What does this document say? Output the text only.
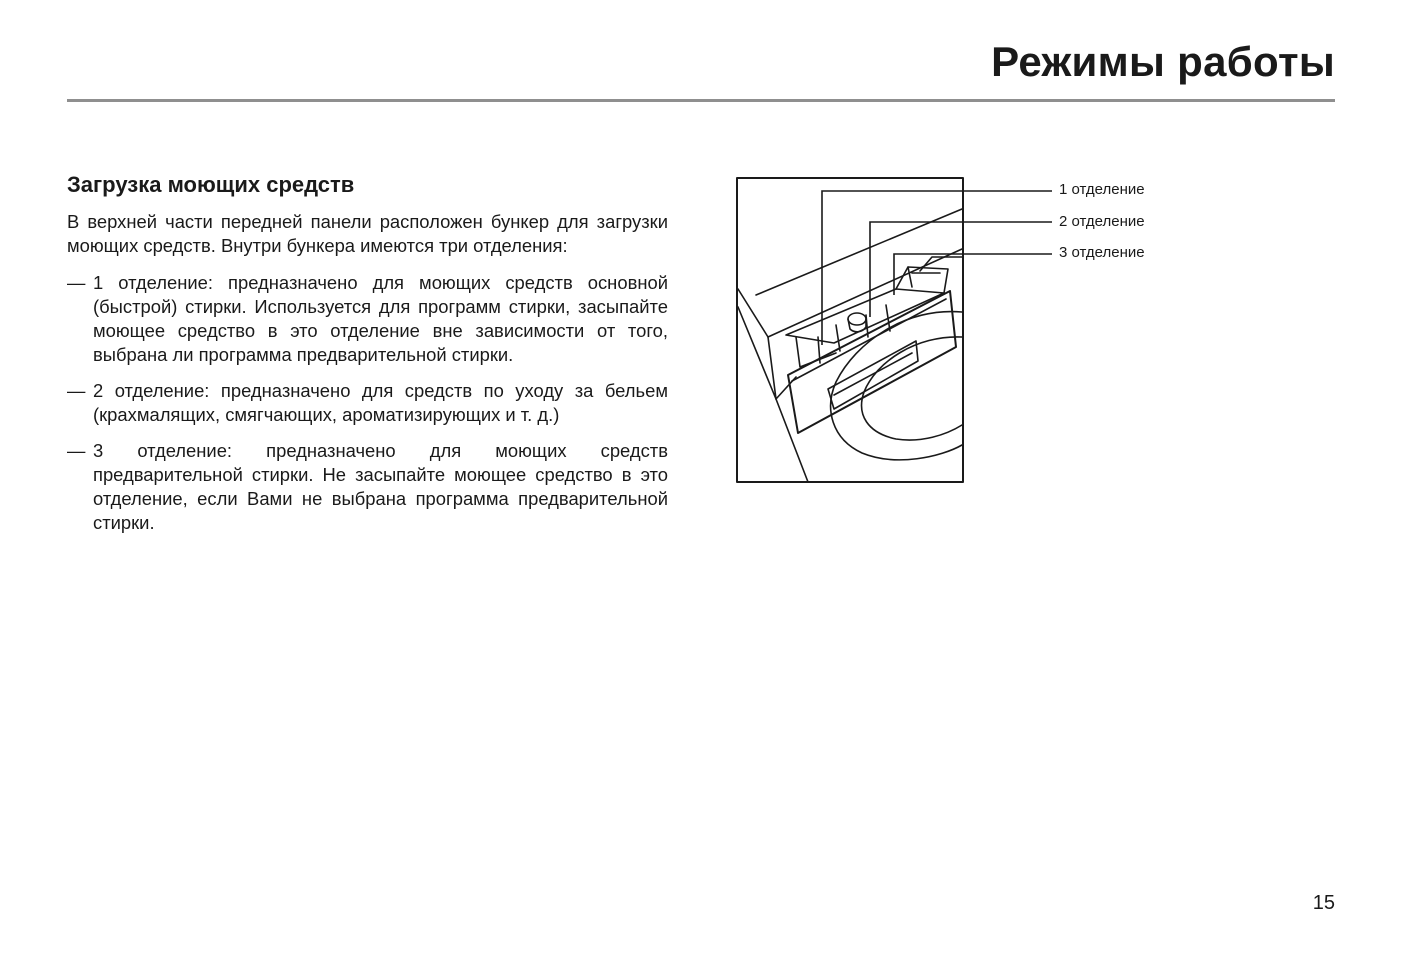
Режимы работы
Загрузка моющих средств

В верхней части передней панели расположен бункер для загрузки моющих средств. Внутри бункера имеются три отделения:

— 1 отделение: предназначено для моющих средств основной (быстрой) стирки. Используется для программ стирки, засыпайте моющее средство в это отделение вне зависимости от того, выбрана ли программа предварительной стирки.

— 2 отделение: предназначено для средств по уходу за бельем (крахмалящих, смягчающих, ароматизирующих и т. д.)

— 3 отделение: предназначено для моющих средств предварительной стирки. Не засыпайте моющее средство в это отделение, если Вами не выбрана программа предварительной стирки.

1 отделение
2 отделение
3 отделение
15
